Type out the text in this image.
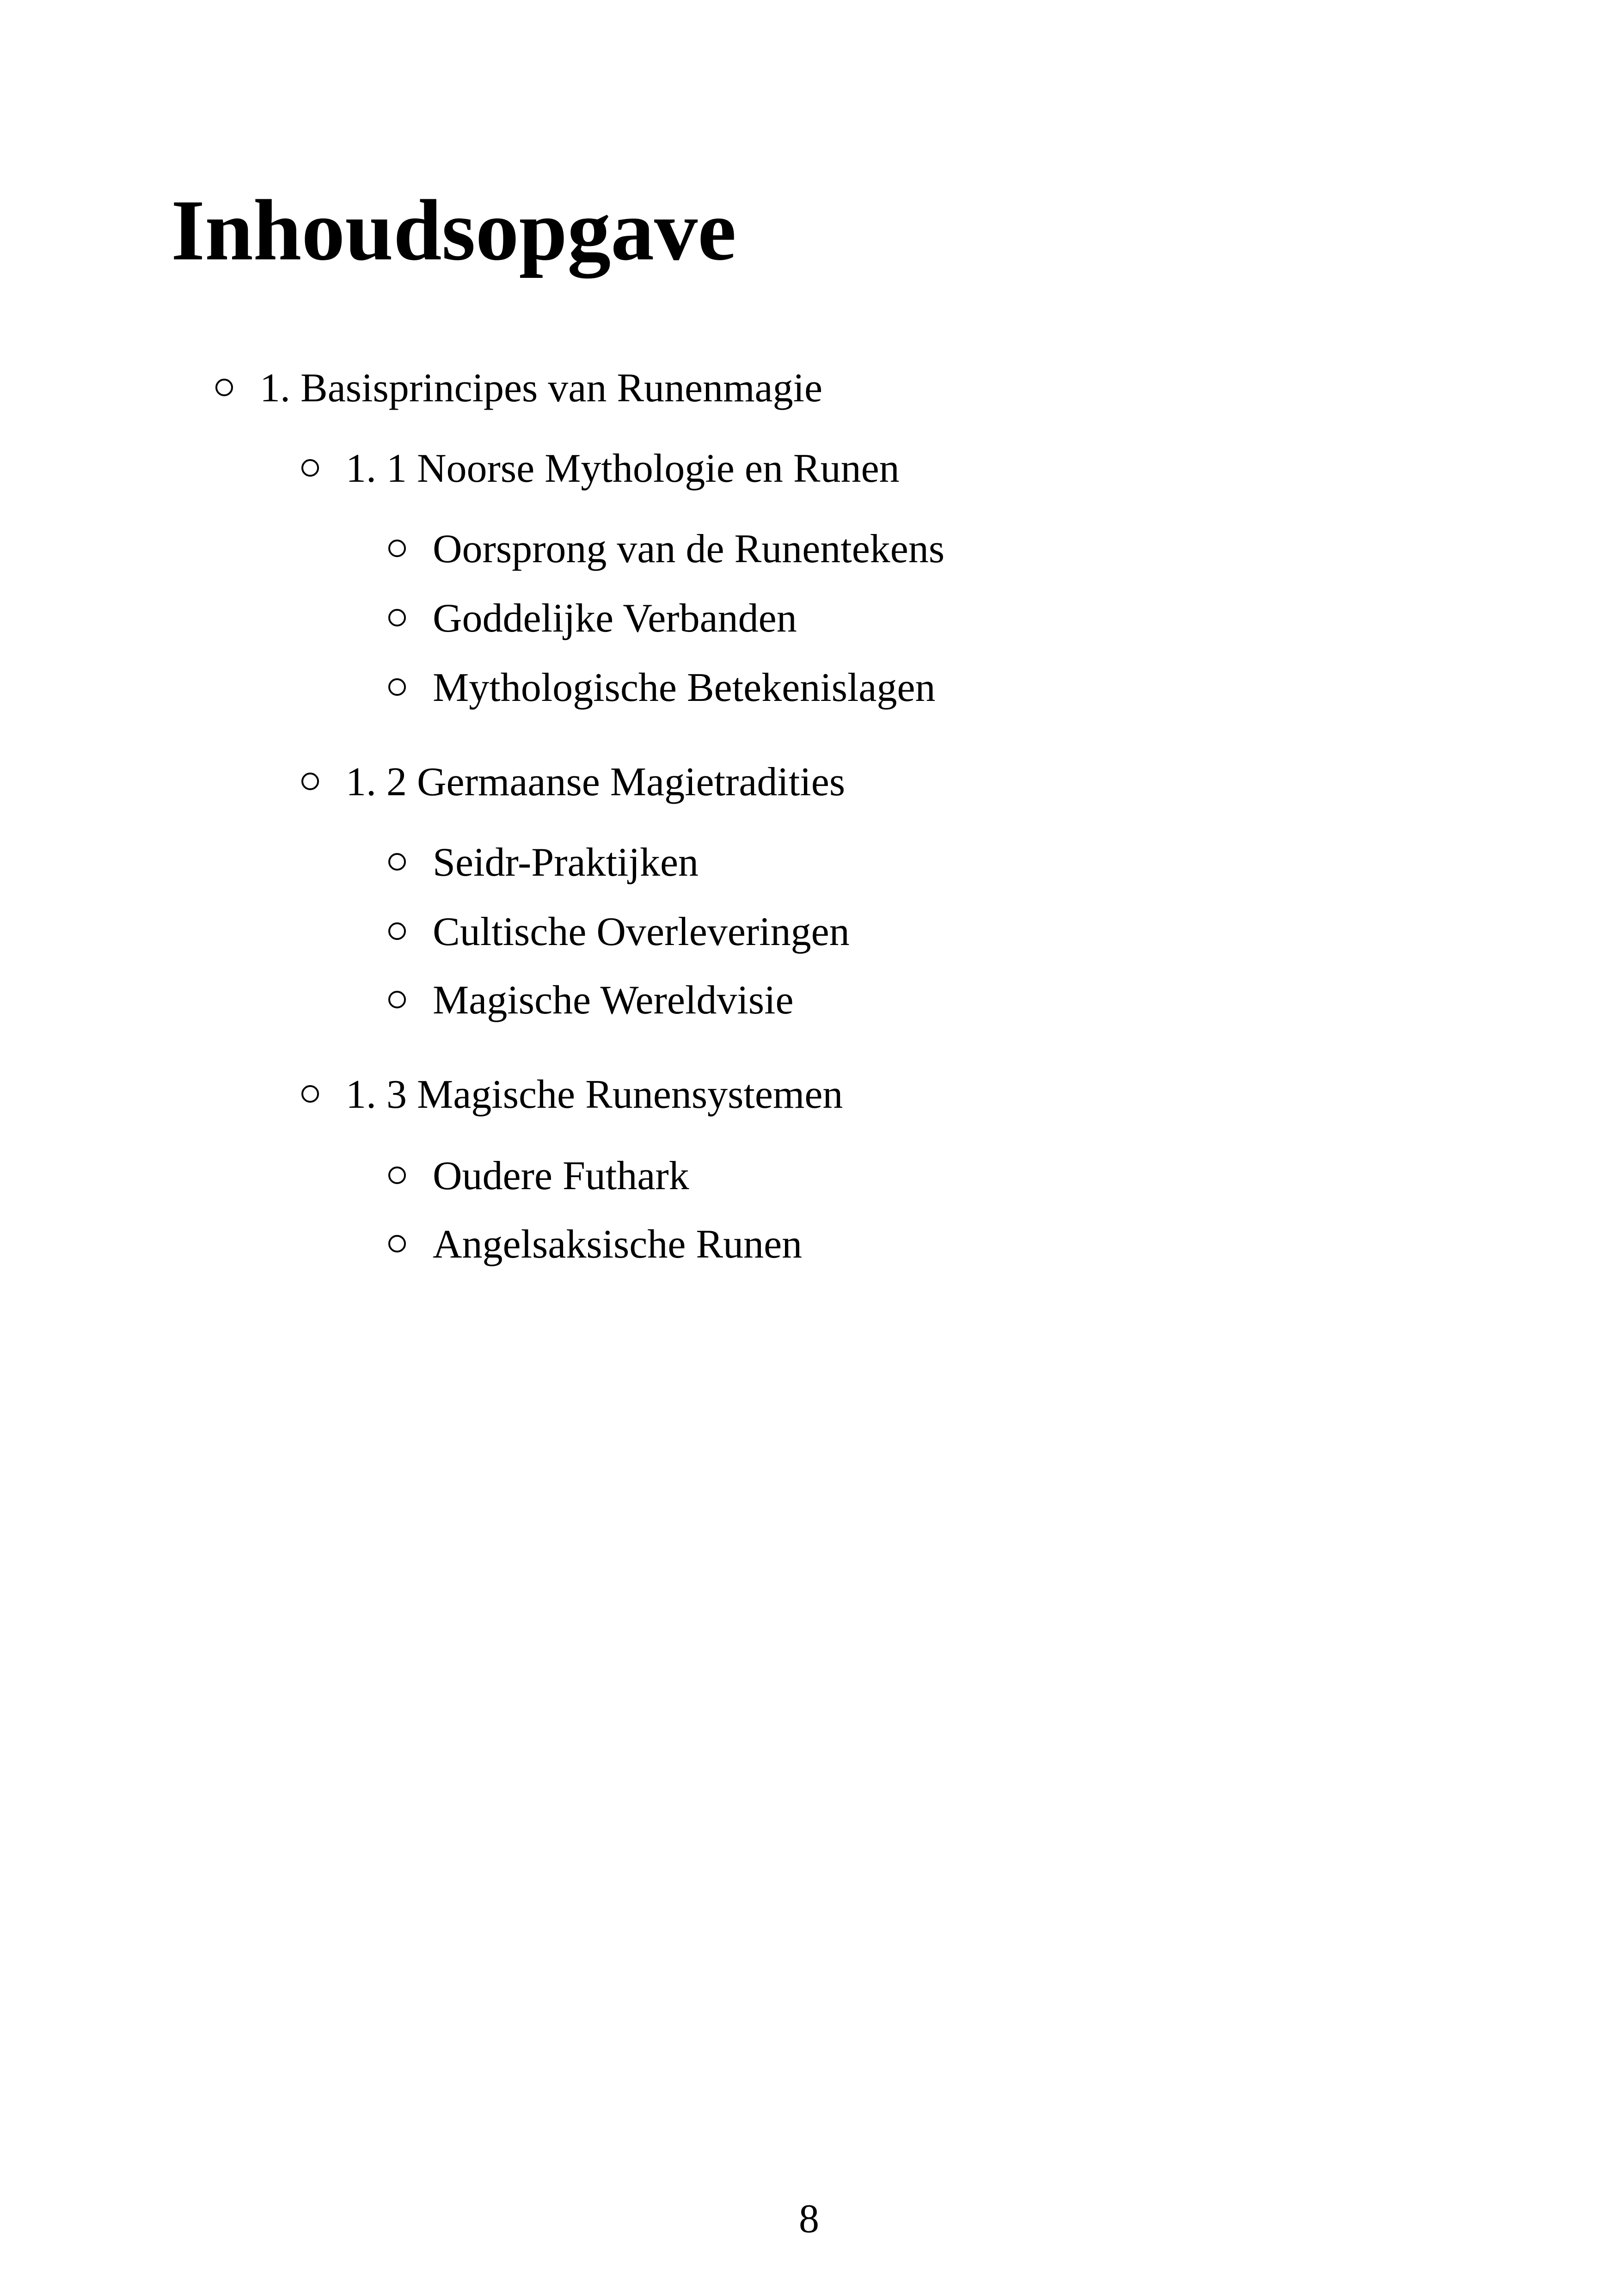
Inhoudsopgave
1. Basisprincipes van Runenmagie
1. 1 Noorse Mythologie en Runen
Oorsprong van de Runentekens
Goddelijke Verbanden
Mythologische Betekenislagen
1. 2 Germaanse Magietradities
Seidr-Praktijken
Cultische Overleveringen
Magische Wereldvisie
1. 3 Magische Runensystemen
Oudere Futhark
Angelsaksische Runen
8
